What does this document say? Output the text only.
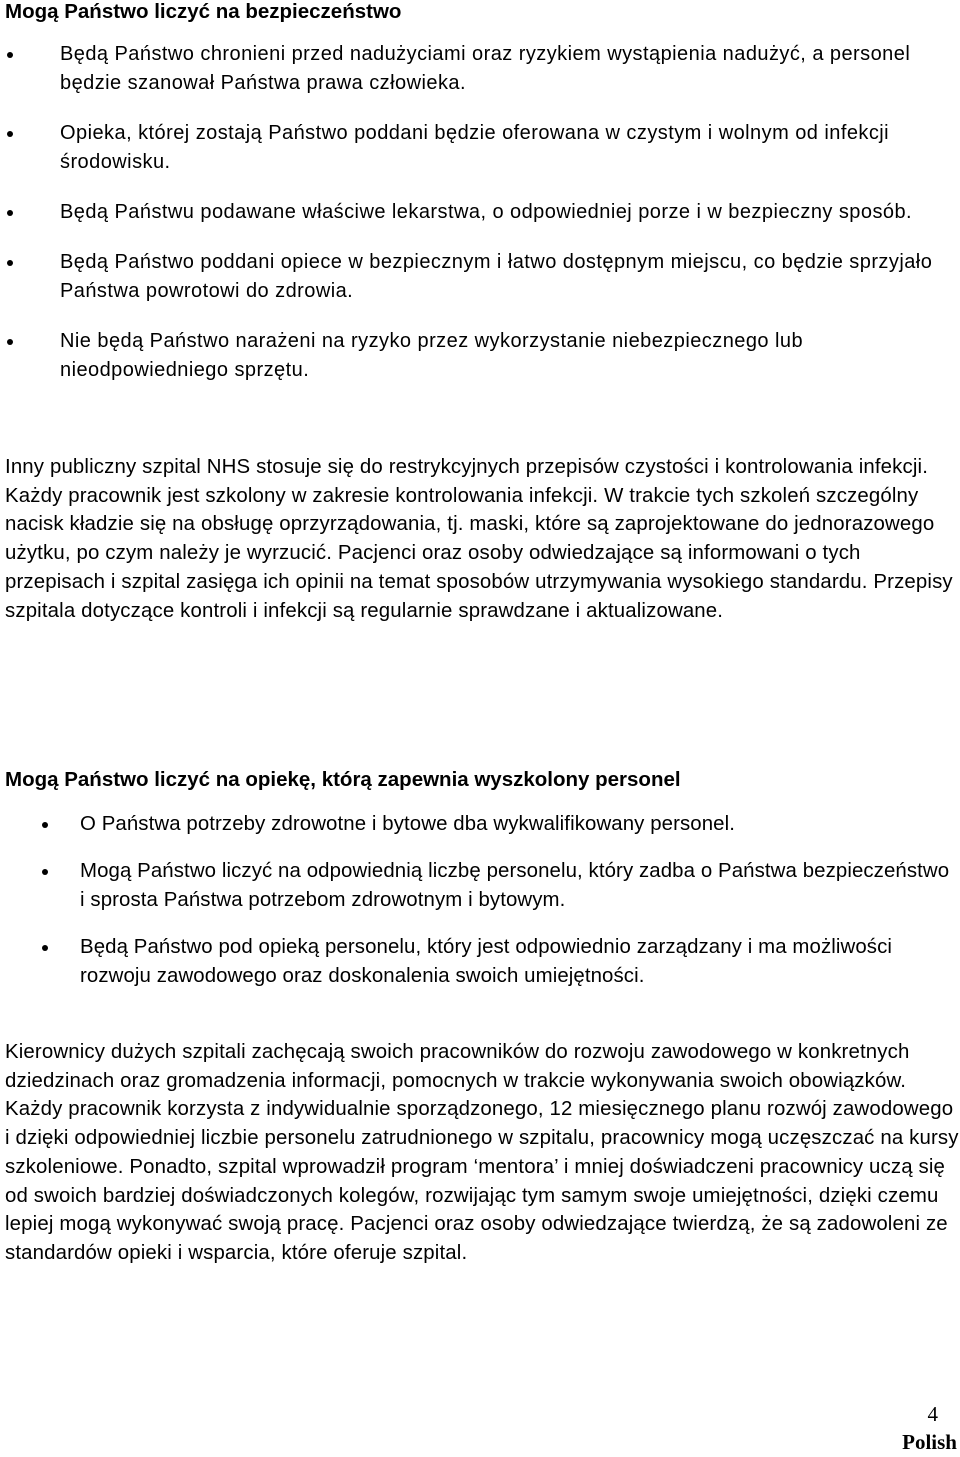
Mogą Państwo liczyć na bezpieczeństwo
Będą Państwo chronieni przed nadużyciami oraz ryzykiem wystąpienia nadużyć, a personel będzie szanował Państwa prawa człowieka.
Opieka, której zostają Państwo poddani będzie oferowana w czystym i wolnym od infekcji środowisku.
Będą Państwu podawane właściwe lekarstwa, o odpowiedniej porze i w bezpieczny sposób.
Będą Państwo poddani opiece w bezpiecznym i łatwo dostępnym miejscu, co będzie sprzyjało Państwa powrotowi do zdrowia.
Nie będą Państwo narażeni na ryzyko przez wykorzystanie niebezpiecznego lub nieodpowiedniego sprzętu.

Inny publiczny szpital NHS stosuje się do restrykcyjnych przepisów czystości i kontrolowania infekcji. Każdy pracownik jest szkolony w zakresie kontrolowania infekcji. W trakcie tych szkoleń szczególny nacisk kładzie się na obsługę oprzyrządowania, tj. maski, które są zaprojektowane do jednorazowego użytku, po czym należy je wyrzucić. Pacjenci oraz osoby odwiedzające są informowani o tych przepisach i szpital zasięga ich opinii na temat sposobów utrzymywania wysokiego standardu. Przepisy szpitala dotyczące kontroli i infekcji są regularnie sprawdzane i aktualizowane.

Mogą Państwo liczyć na opiekę, którą zapewnia wyszkolony personel
O Państwa potrzeby zdrowotne i bytowe dba wykwalifikowany personel.
Mogą Państwo liczyć na odpowiednią liczbę personelu, który zadba o Państwa bezpieczeństwo i sprosta Państwa potrzebom zdrowotnym i bytowym.
Będą Państwo pod opieką personelu, który jest odpowiednio zarządzany i ma możliwości rozwoju zawodowego oraz doskonalenia swoich umiejętności.

Kierownicy dużych szpitali zachęcają swoich pracowników do rozwoju zawodowego w konkretnych dziedzinach oraz gromadzenia informacji, pomocnych w trakcie wykonywania swoich obowiązków. Każdy pracownik korzysta z indywidualnie sporządzonego, 12 miesięcznego planu rozwój zawodowego i dzięki odpowiedniej liczbie personelu zatrudnionego w szpitalu, pracownicy mogą uczęszczać na kursy szkoleniowe. Ponadto, szpital wprowadził program ‘mentora’ i mniej doświadczeni pracownicy uczą się od swoich bardziej doświadczonych kolegów, rozwijając tym samym swoje umiejętności, dzięki czemu lepiej mogą wykonywać swoją pracę. Pacjenci oraz osoby odwiedzające twierdzą, że są zadowoleni ze standardów opieki i wsparcia, które oferuje szpital.

4
Polish
